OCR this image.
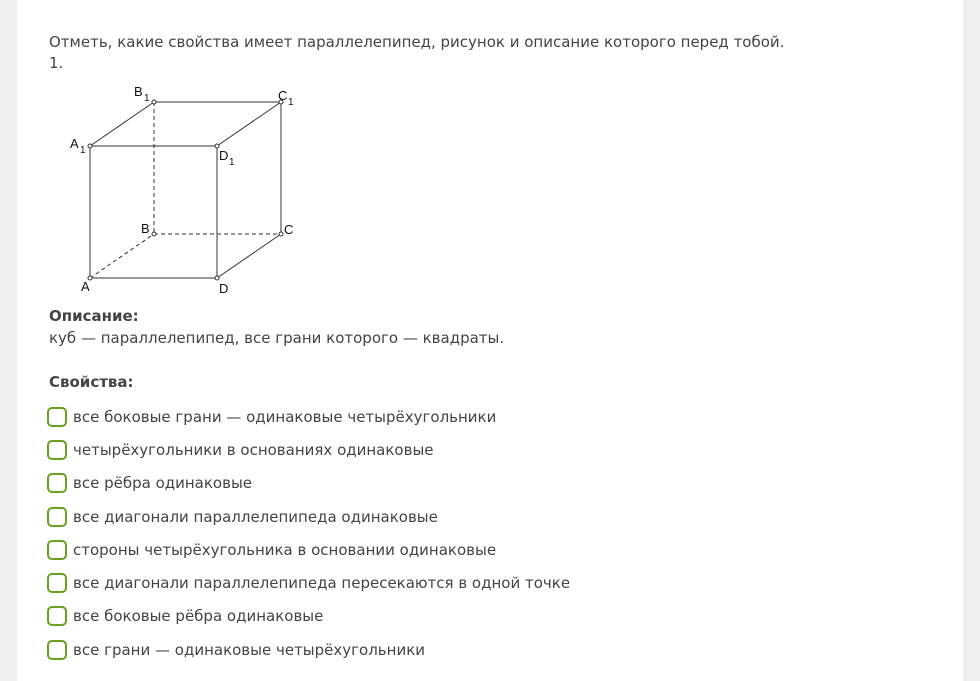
Отметь, какие свойства имеет параллелепипед, рисунок и описание которого перед тобой.
1.
B 1	C 1
A 1	D 1
B	C
A	D
Описание:
куб — параллелепипед, все грани которого — квадраты.
Свойства:
все боковые грани — одинаковые четырёхугольники
четырёхугольники в основаниях одинаковые
все рёбра одинаковые
все диагонали параллелепипеда одинаковые
стороны четырёхугольника в основании одинаковые
все диагонали параллелепипеда пересекаются в одной точке
все боковые рёбра одинаковые
все грани — одинаковые четырёхугольники
